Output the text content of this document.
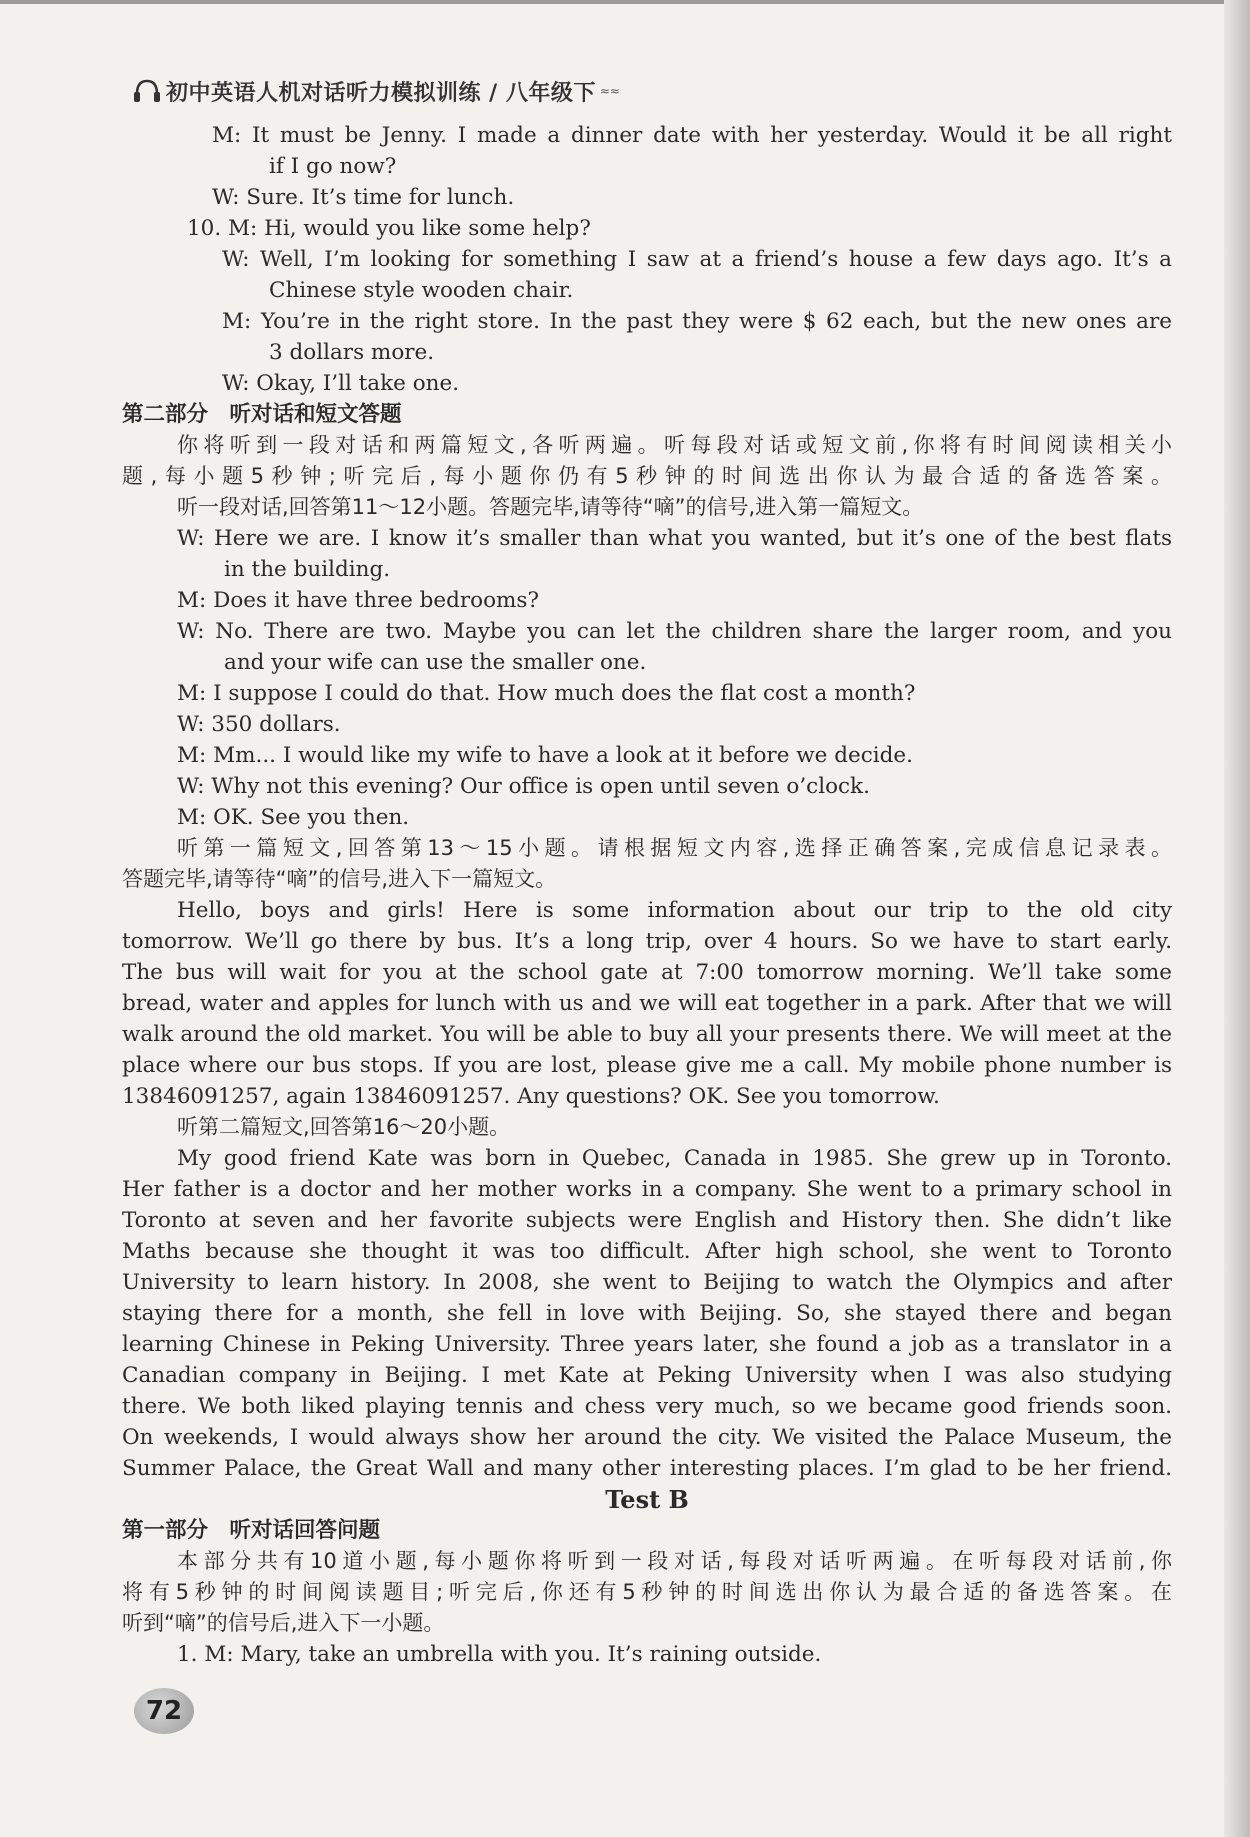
初中英语人机对话听力模拟训练 / 八年级下 ≈≈
M: It must be Jenny. I made a dinner date with her yesterday. Would it be all right
if I go now?
W: Sure. It’s time for lunch.
10. M: Hi, would you like some help?
W: Well, I’m looking for something I saw at a friend’s house a few days ago. It’s a
Chinese style wooden chair.
M: You’re in the right store. In the past they were $ 62 each, but the new ones are
3 dollars more.
W: Okay, I’ll take one.
第二部分　听对话和短文答题
你将听到一段对话和两篇短文,各听两遍。听每段对话或短文前,你将有时间阅读相关小
题,每小题5秒钟;听完后,每小题你仍有5秒钟的时间选出你认为最合适的备选答案。
听一段对话,回答第11～12小题。答题完毕,请等待“嘀”的信号,进入第一篇短文。
W: Here we are. I know it’s smaller than what you wanted, but it’s one of the best flats
in the building.
M: Does it have three bedrooms?
W: No. There are two. Maybe you can let the children share the larger room, and you
and your wife can use the smaller one.
M: I suppose I could do that. How much does the flat cost a month?
W: 350 dollars.
M: Mm... I would like my wife to have a look at it before we decide.
W: Why not this evening? Our office is open until seven o’clock.
M: OK. See you then.
听第一篇短文,回答第13～15小题。请根据短文内容,选择正确答案,完成信息记录表。
答题完毕,请等待“嘀”的信号,进入下一篇短文。
Hello, boys and girls! Here is some information about our trip to the old city
tomorrow. We’ll go there by bus. It’s a long trip, over 4 hours. So we have to start early.
The bus will wait for you at the school gate at 7:00 tomorrow morning. We’ll take some
bread, water and apples for lunch with us and we will eat together in a park. After that we will
walk around the old market. You will be able to buy all your presents there. We will meet at the
place where our bus stops. If you are lost, please give me a call. My mobile phone number is
13846091257, again 13846091257. Any questions? OK. See you tomorrow.
听第二篇短文,回答第16～20小题。
My good friend Kate was born in Quebec, Canada in 1985. She grew up in Toronto.
Her father is a doctor and her mother works in a company. She went to a primary school in
Toronto at seven and her favorite subjects were English and History then. She didn’t like
Maths because she thought it was too difficult. After high school, she went to Toronto
University to learn history. In 2008, she went to Beijing to watch the Olympics and after
staying there for a month, she fell in love with Beijing. So, she stayed there and began
learning Chinese in Peking University. Three years later, she found a job as a translator in a
Canadian company in Beijing. I met Kate at Peking University when I was also studying
there. We both liked playing tennis and chess very much, so we became good friends soon.
On weekends, I would always show her around the city. We visited the Palace Museum, the
Summer Palace, the Great Wall and many other interesting places. I’m glad to be her friend.
Test B
第一部分　听对话回答问题
本部分共有10道小题,每小题你将听到一段对话,每段对话听两遍。在听每段对话前,你
将有5秒钟的时间阅读题目;听完后,你还有5秒钟的时间选出你认为最合适的备选答案。在
听到“嘀”的信号后,进入下一小题。
1. M: Mary, take an umbrella with you. It’s raining outside.
72
